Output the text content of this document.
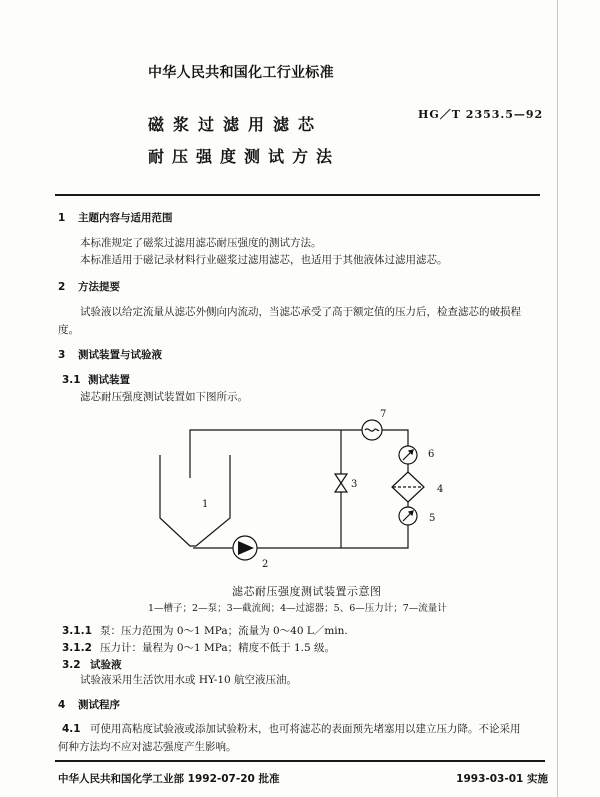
中华人民共和国化工行业标准
磁浆过滤用滤芯
HG／T 2353.5—92
耐压强度测试方法
1 主题内容与适用范围
本标准规定了磁浆过滤用滤芯耐压强度的测试方法。
本标准适用于磁记录材料行业磁浆过滤用滤芯，也适用于其他液体过滤用滤芯。
2 方法提要
试验液以给定流量从滤芯外侧向内流动，当滤芯承受了高于额定值的压力后，检查滤芯的破损程
度。
3 测试装置与试验液
3.1 测试装置
滤芯耐压强度测试装置如下图所示。
1
2
3	4
5
6
7
滤芯耐压强度测试装置示意图
1—槽子；2—泵；3—截流阀；4—过滤器；5、6—压力计；7—流量计
3.1.1 泵：压力范围为 0～1 MPa；流量为 0～40 L／min.
3.1.2 压力计：量程为 0～1 MPa；精度不低于 1.5 级。
3.2 试验液
试验液采用生活饮用水或 HY-10 航空液压油。
4 测试程序
4.1 可使用高粘度试验液或添加试验粉末，也可将滤芯的表面预先堵塞用以建立压力降。不论采用
何种方法均不应对滤芯强度产生影响。
中华人民共和国化学工业部 1992-07-20 批准	1993-03-01 实施
